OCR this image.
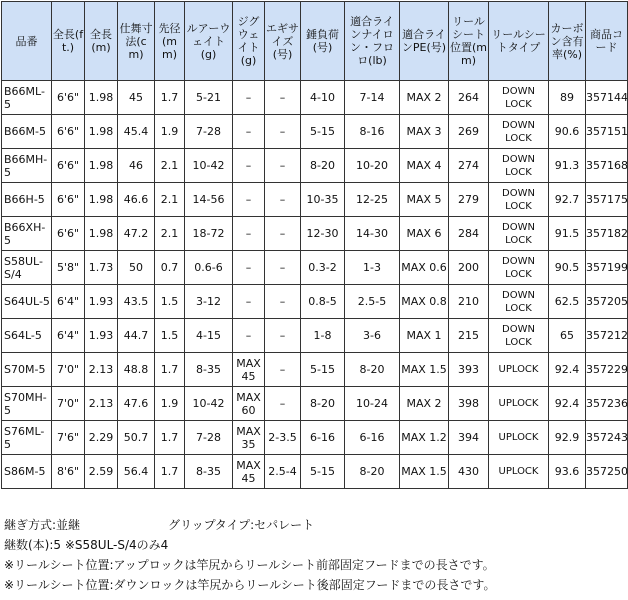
品番	全長(ft.)	全長(m)	仕舞寸法(cm)	先径(mm)	ルアーウェイト(g)	ジグウェイト(g)	エギサイズ(号)	錘負荷(号)	適合ラインナイロン・フロロ(lb)	適合ラインPE(号)	リールシート位置(mm)	リールシートタイプ	カーボン含有率(%)	商品コード
B66ML-5	6'6"	1.98	45	1.7	5-21	–	–	4-10	7-14	MAX 2	264	DOWN LOCK	89	357144
B66M-5	6'6"	1.98	45.4	1.9	7-28	–	–	5-15	8-16	MAX 3	269	DOWN LOCK	90.6	357151
B66MH-5	6'6"	1.98	46	2.1	10-42	–	–	8-20	10-20	MAX 4	274	DOWN LOCK	91.3	357168
B66H-5	6'6"	1.98	46.6	2.1	14-56	–	–	10-35	12-25	MAX 5	279	DOWN LOCK	92.7	357175
B66XH-5	6'6"	1.98	47.2	2.1	18-72	–	–	12-30	14-30	MAX 6	284	DOWN LOCK	91.5	357182
S58UL-S/4	5'8"	1.73	50	0.7	0.6-6	–	–	0.3-2	1-3	MAX 0.6	200	DOWN LOCK	90.5	357199
S64UL-5	6'4"	1.93	43.5	1.5	3-12	–	–	0.8-5	2.5-5	MAX 0.8	210	DOWN LOCK	62.5	357205
S64L-5	6'4"	1.93	44.7	1.5	4-15	–	–	1-8	3-6	MAX 1	215	DOWN LOCK	65	357212
S70M-5	7'0"	2.13	48.8	1.7	8-35	MAX 45	–	5-15	8-20	MAX 1.5	393	UPLOCK	92.4	357229
S70MH-5	7'0"	2.13	47.6	1.9	10-42	MAX 60	–	8-20	10-24	MAX 2	398	UPLOCK	92.4	357236
S76ML-5	7'6"	2.29	50.7	1.7	7-28	MAX 35	2-3.5	6-16	6-16	MAX 1.2	394	UPLOCK	92.9	357243
S86M-5	8'6"	2.59	56.4	1.7	8-35	MAX 45	2.5-4	5-15	8-20	MAX 1.5	430	UPLOCK	93.6	357250
継ぎ方式:並継	グリップタイプ:セパレート
継数(本):5 ※S58UL-S/4のみ4
※リールシート位置:アップロックは竿尻からリールシート前部固定フードまでの長さです。
※リールシート位置:ダウンロックは竿尻からリールシート後部固定フードまでの長さです。
